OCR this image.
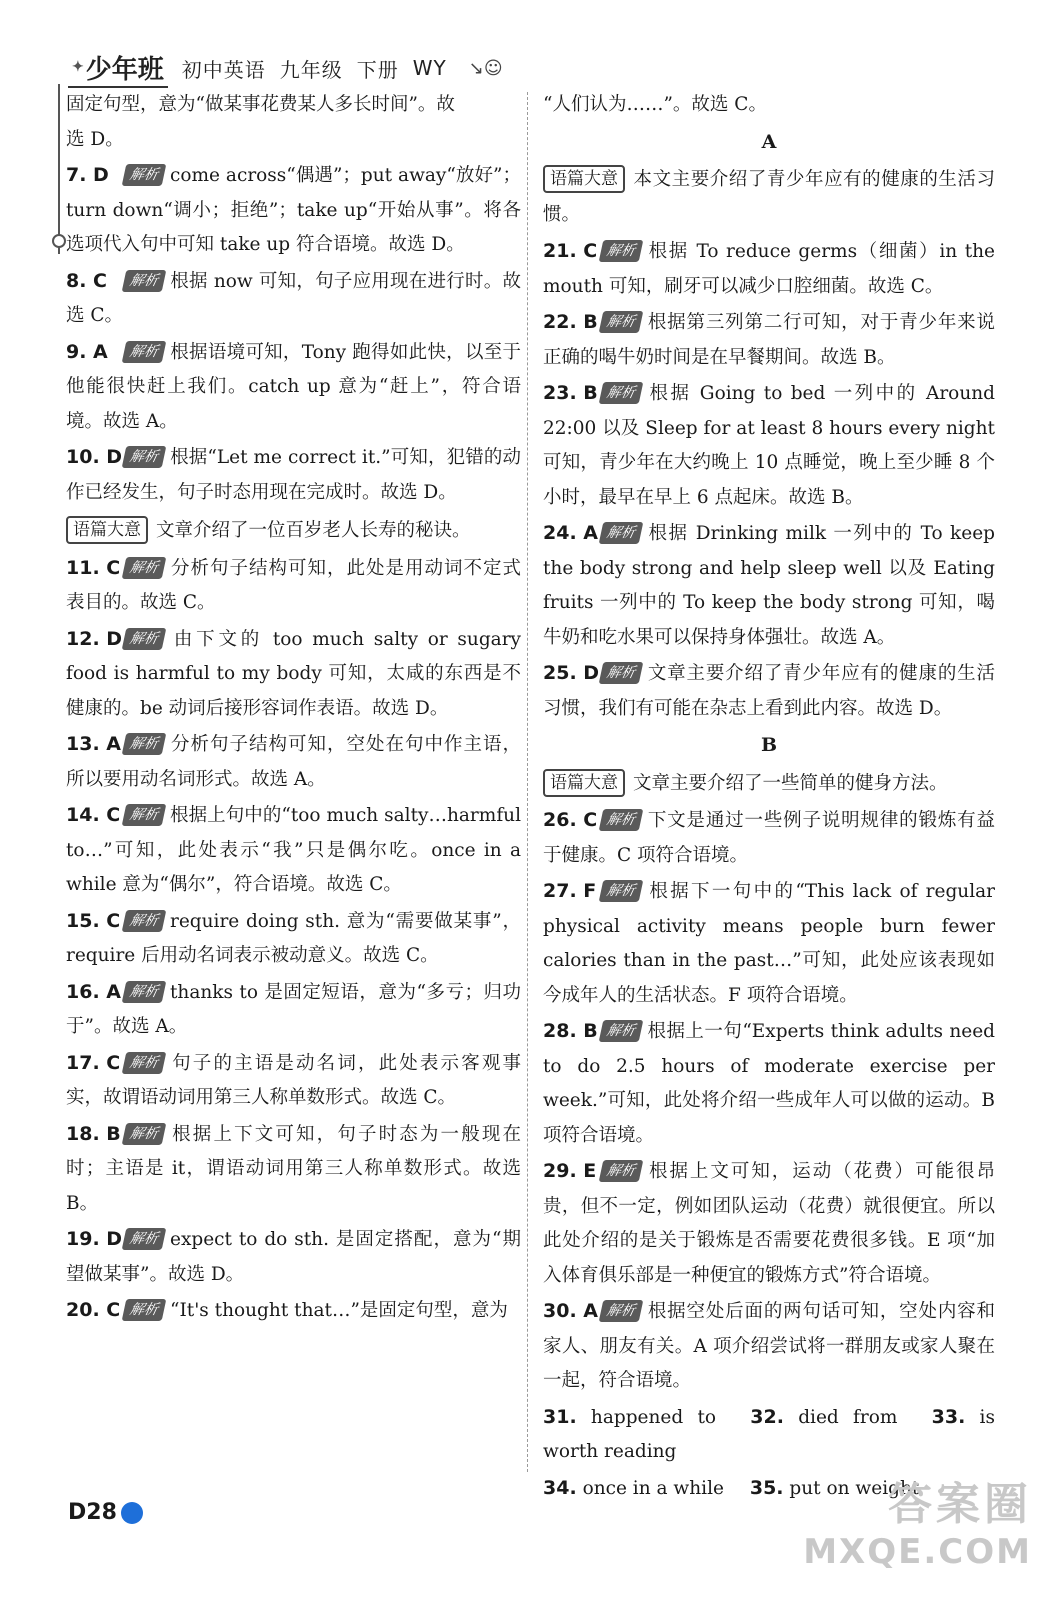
✦ 少年班 初中英语 九年级 下册 WY ↘☺
固定句型，意为“做某事花费某人多长时间”。故
选 D。
7. D 解析 come across“偶遇”；put away“放好”；turn down“调小；拒绝”；take up“开始从事”。将各选项代入句中可知 take up 符合语境。故选 D。
8. C 解析 根据 now 可知，句子应用现在进行时。故选 C。
9. A 解析 根据语境可知，Tony 跑得如此快，以至于他能很快赶上我们。catch up 意为“赶上”，符合语境。故选 A。
10. D 解析 根据“Let me correct it.”可知，犯错的动作已经发生，句子时态用现在完成时。故选 D。
语篇大意 文章介绍了一位百岁老人长寿的秘诀。
11. C 解析 分析句子结构可知，此处是用动词不定式表目的。故选 C。
12. D 解析 由下文的 too much salty or sugary food is harmful to my body 可知，太咸的东西是不健康的。be 动词后接形容词作表语。故选 D。
13. A 解析 分析句子结构可知，空处在句中作主语，所以要用动名词形式。故选 A。
14. C 解析 根据上句中的“too much salty…harmful to…”可知，此处表示“我”只是偶尔吃。once in a while 意为“偶尔”，符合语境。故选 C。
15. C 解析 require doing sth. 意为“需要做某事”，require 后用动名词表示被动意义。故选 C。
16. A 解析 thanks to 是固定短语，意为“多亏；归功于”。故选 A。
17. C 解析 句子的主语是动名词，此处表示客观事实，故谓语动词用第三人称单数形式。故选 C。
18. B 解析 根据上下文可知，句子时态为一般现在时；主语是 it，谓语动词用第三人称单数形式。故选 B。
19. D 解析 expect to do sth. 是固定搭配，意为“期望做某事”。故选 D。
20. C 解析 “It's thought that…”是固定句型，意为
“人们认为……”。故选 C。
A
语篇大意 本文主要介绍了青少年应有的健康的生活习惯。
21. C 解析 根据 To reduce germs（细菌）in the mouth 可知，刷牙可以减少口腔细菌。故选 C。
22. B 解析 根据第三列第二行可知，对于青少年来说正确的喝牛奶时间是在早餐期间。故选 B。
23. B 解析 根据 Going to bed 一列中的 Around 22:00 以及 Sleep for at least 8 hours every night 可知，青少年在大约晚上 10 点睡觉，晚上至少睡 8 个小时，最早在早上 6 点起床。故选 B。
24. A 解析 根据 Drinking milk 一列中的 To keep the body strong and help sleep well 以及 Eating fruits 一列中的 To keep the body strong 可知，喝牛奶和吃水果可以保持身体强壮。故选 A。
25. D 解析 文章主要介绍了青少年应有的健康的生活习惯，我们有可能在杂志上看到此内容。故选 D。
B
语篇大意 文章主要介绍了一些简单的健身方法。
26. C 解析 下文是通过一些例子说明规律的锻炼有益于健康。C 项符合语境。
27. F 解析 根据下一句中的“This lack of regular physical activity means people burn fewer calories than in the past…”可知，此处应该表现如今成年人的生活状态。F 项符合语境。
28. B 解析 根据上一句“Experts think adults need to do 2.5 hours of moderate exercise per week.”可知，此处将介绍一些成年人可以做的运动。B 项符合语境。
29. E 解析 根据上文可知，运动（花费）可能很昂贵，但不一定，例如团队运动（花费）就很便宜。所以此处介绍的是关于锻炼是否需要花费很多钱。E 项“加入体育俱乐部是一种便宜的锻炼方式”符合语境。
30. A 解析 根据空处后面的两句话可知，空处内容和家人、朋友有关。A 项介绍尝试将一群朋友或家人聚在一起，符合语境。
31. happened to 32. died from 33. is worth reading
34. once in a while 35. put on weight
D28	答案圈
MXQE.COM
